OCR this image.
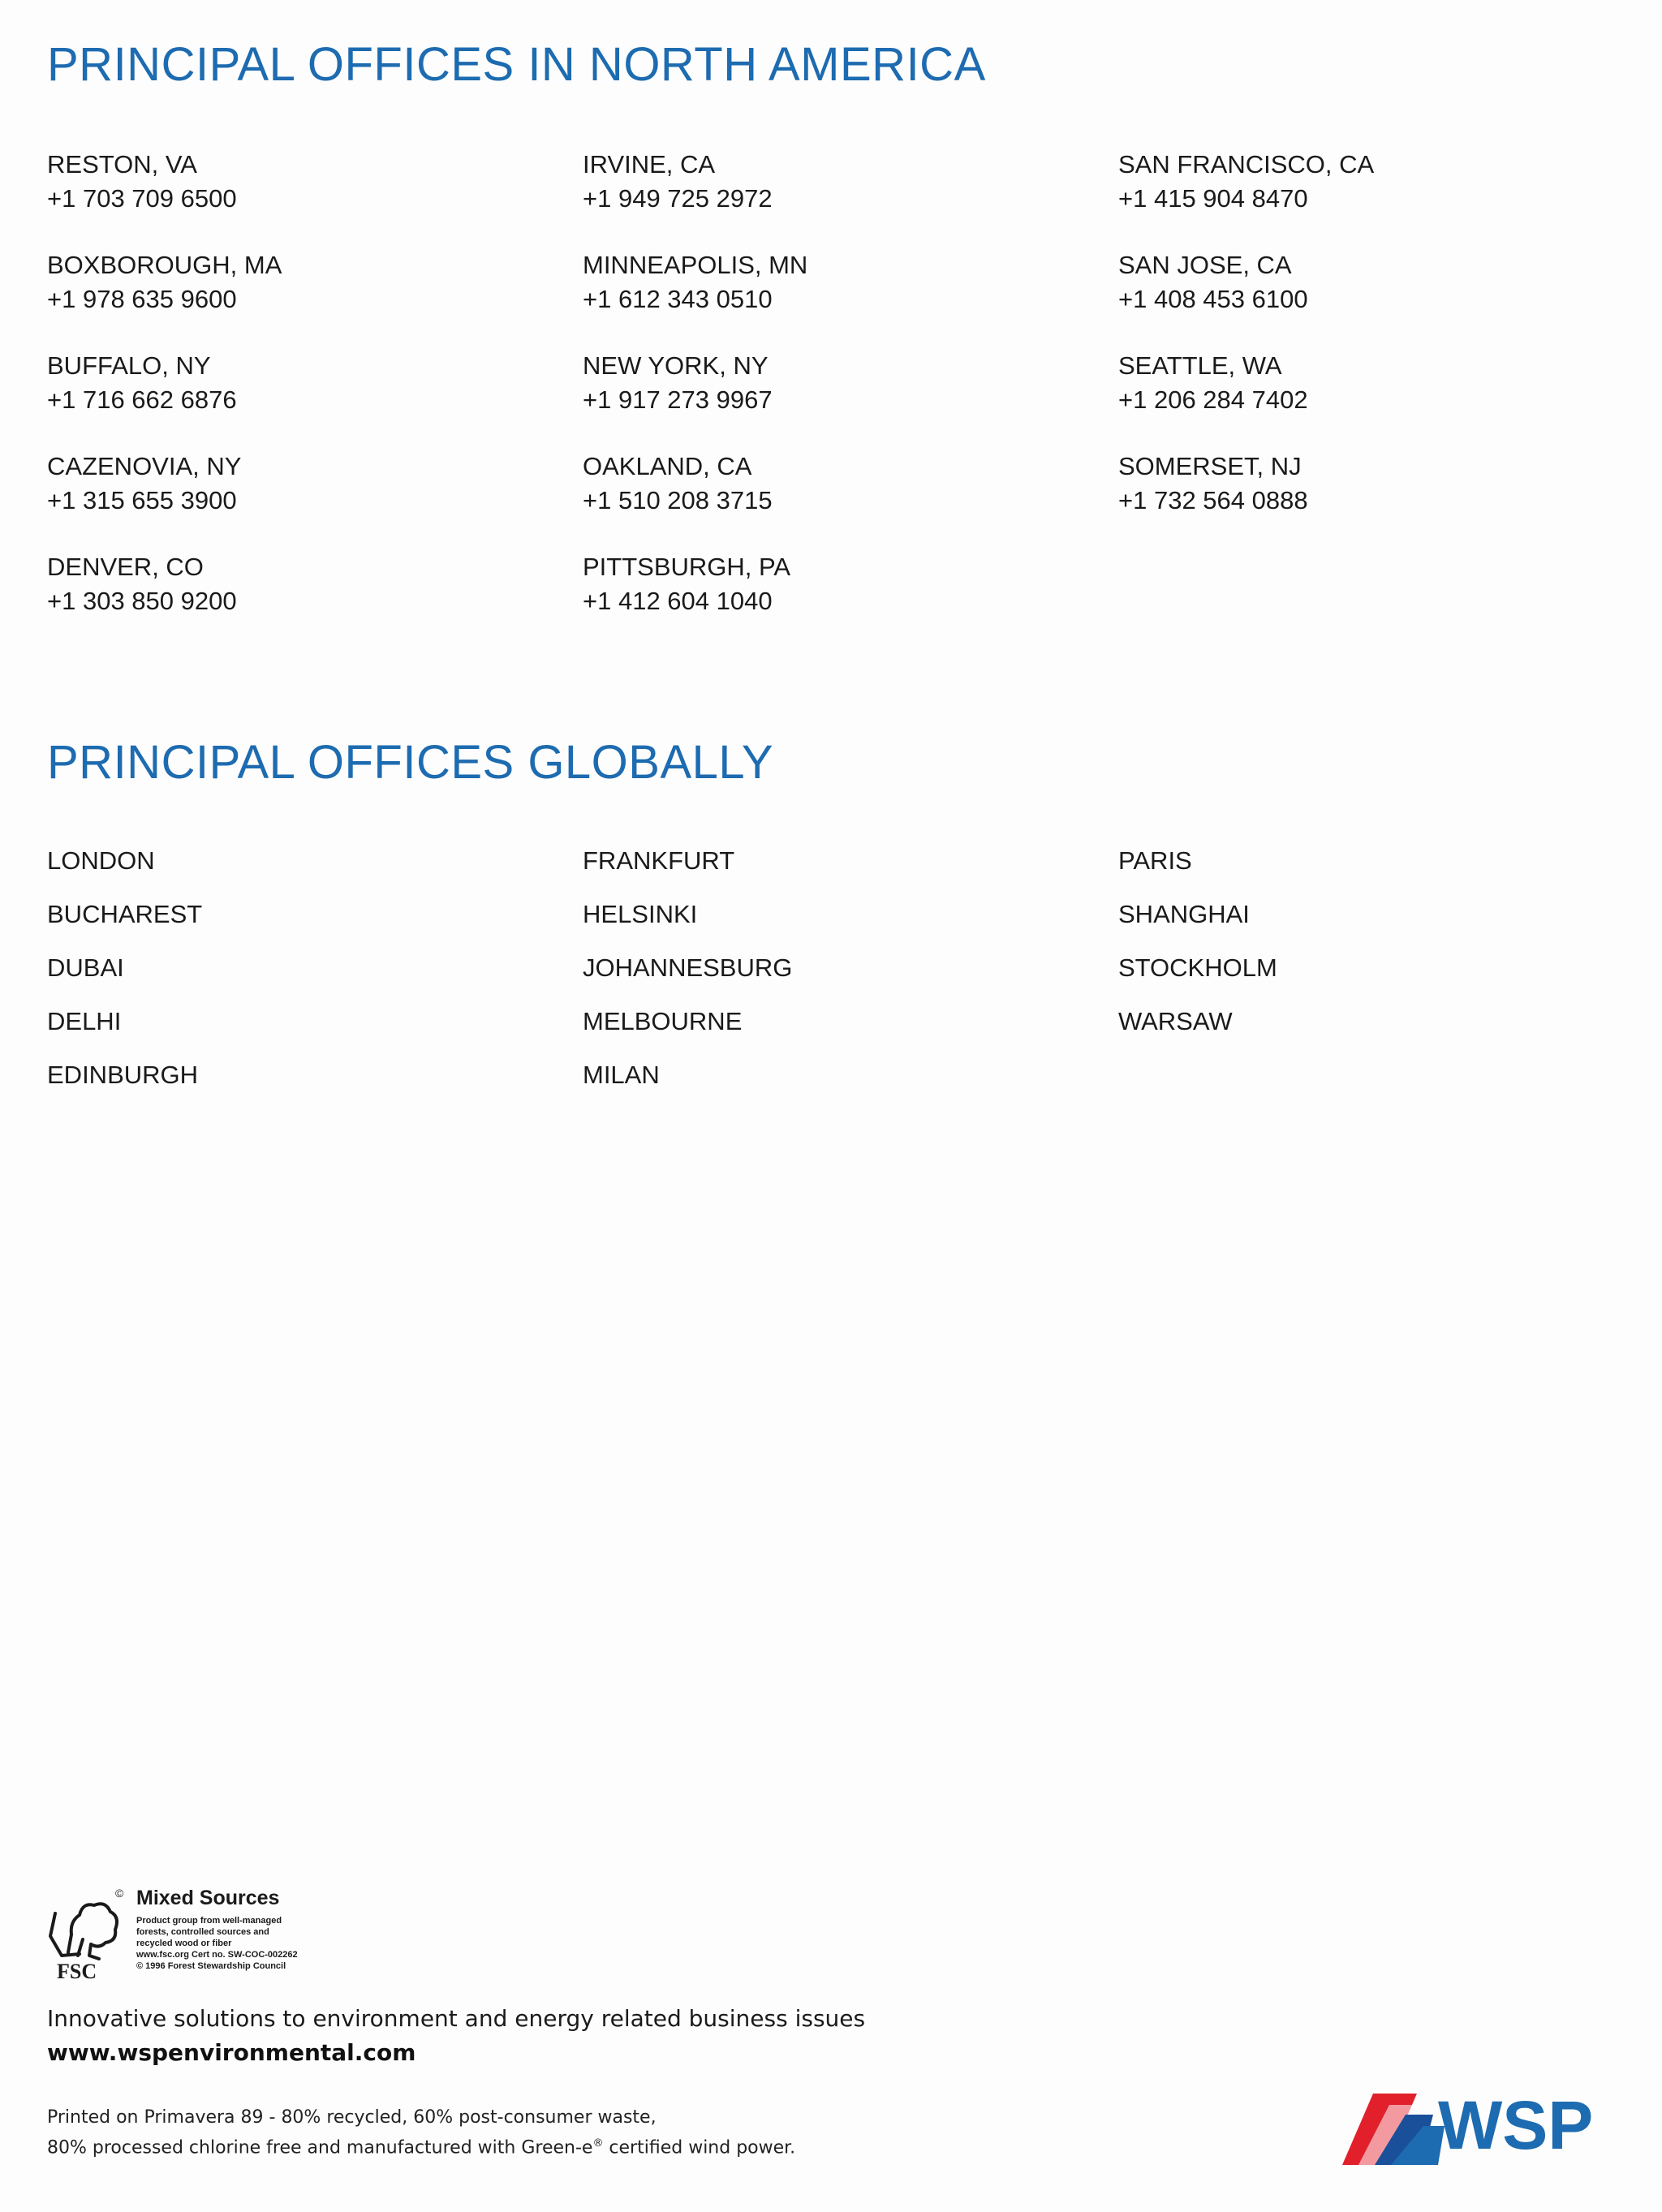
PRINCIPAL OFFICES IN NORTH AMERICA
RESTON, VA
+1 703 709 6500
BOXBOROUGH, MA
+1 978 635 9600
BUFFALO, NY
+1 716 662 6876
CAZENOVIA, NY
+1 315 655 3900
DENVER, CO
+1 303 850 9200
IRVINE, CA
+1 949 725 2972
MINNEAPOLIS, MN
+1 612 343 0510
NEW YORK, NY
+1 917 273 9967
OAKLAND, CA
+1 510 208 3715
PITTSBURGH, PA
+1 412 604 1040
SAN FRANCISCO, CA
+1 415 904 8470
SAN JOSE, CA
+1 408 453 6100
SEATTLE, WA
+1 206 284 7402
SOMERSET, NJ
+1 732 564 0888
PRINCIPAL OFFICES GLOBALLY
LONDON
BUCHAREST
DUBAI
DELHI
EDINBURGH
FRANKFURT
HELSINKI
JOHANNESBURG
MELBOURNE
MILAN
PARIS
SHANGHAI
STOCKHOLM
WARSAW
FSC
© Mixed Sources
Product group from well-managed
forests, controlled sources and
recycled wood or fiber
www.fsc.org Cert no. SW-COC-002262
© 1996 Forest Stewardship Council
Innovative solutions to environment and energy related business issues
www.wspenvironmental.com
Printed on Primavera 89 - 80% recycled, 60% post-consumer waste,
80% processed chlorine free and manufactured with Green-e® certified wind power.	WSP
